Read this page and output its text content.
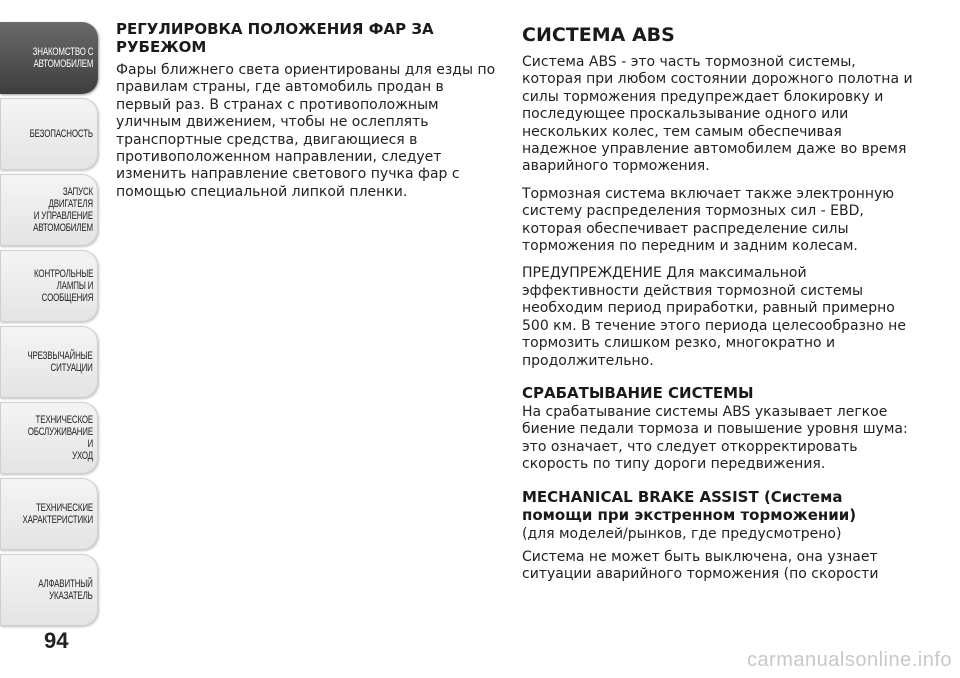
ЗНАКОМСТВО С
АВТОМОБИЛЕМ
БЕЗОПАСНОСТЬ
ЗАПУСК ДВИГАТЕЛЯ
И УПРАВЛЕНИЕ
АВТОМОБИЛЕМ
КОНТРОЛЬНЫЕ
ЛАМПЫ И
СООБЩЕНИЯ
ЧРЕЗВЫЧАЙНЫЕ
СИТУАЦИИ
ТЕХНИЧЕСКОЕ
ОБСЛУЖИВАНИЕ И
УХОД
ТЕХНИЧЕСКИЕ
ХАРАКТЕРИСТИКИ
АЛФАВИТНЫЙ
УКАЗАТЕЛЬ
94
РЕГУЛИРОВКА ПОЛОЖЕНИЯ ФАР ЗА РУБЕЖОМ

Фары ближнего света ориентированы для езды по правилам страны, где автомобиль продан в первый раз. В странах с противоположным уличным движением, чтобы не ослеплять транспортные средства, двигающиеся в противоположенном направлении, следует изменить направление светового пучка фар с помощью специальной липкой пленки.

СИСТЕМА ABS

Система ABS - это часть тормозной системы, которая при любом состоянии дорожного полотна и силы торможения предупреждает блокировку и последующее проскальзывание одного или нескольких колес, тем самым обеспечивая надежное управление автомобилем даже во время аварийного торможения.

Тормозная система включает также электронную систему распределения тормозных сил - EBD, которая обеспечивает распределение силы торможения по передним и задним колесам.

ПРЕДУПРЕЖДЕНИЕ Для максимальной эффективности действия тормозной системы необходим период приработки, равный примерно 500 км. В течение этого периода целесообразно не тормозить слишком резко, многократно и продолжительно.

СРАБАТЫВАНИЕ СИСТЕМЫ

На срабатывание системы ABS указывает легкое биение педали тормоза и повышение уровня шума: это означает, что следует откорректировать скорость по типу дороги передвижения.

MECHANICAL BRAKE ASSIST (Система помощи при экстренном торможении)

(для моделей/рынков, где предусмотрено)

Система не может быть выключена, она узнает ситуации аварийного торможения (по скорости

carmanualsonline.info
